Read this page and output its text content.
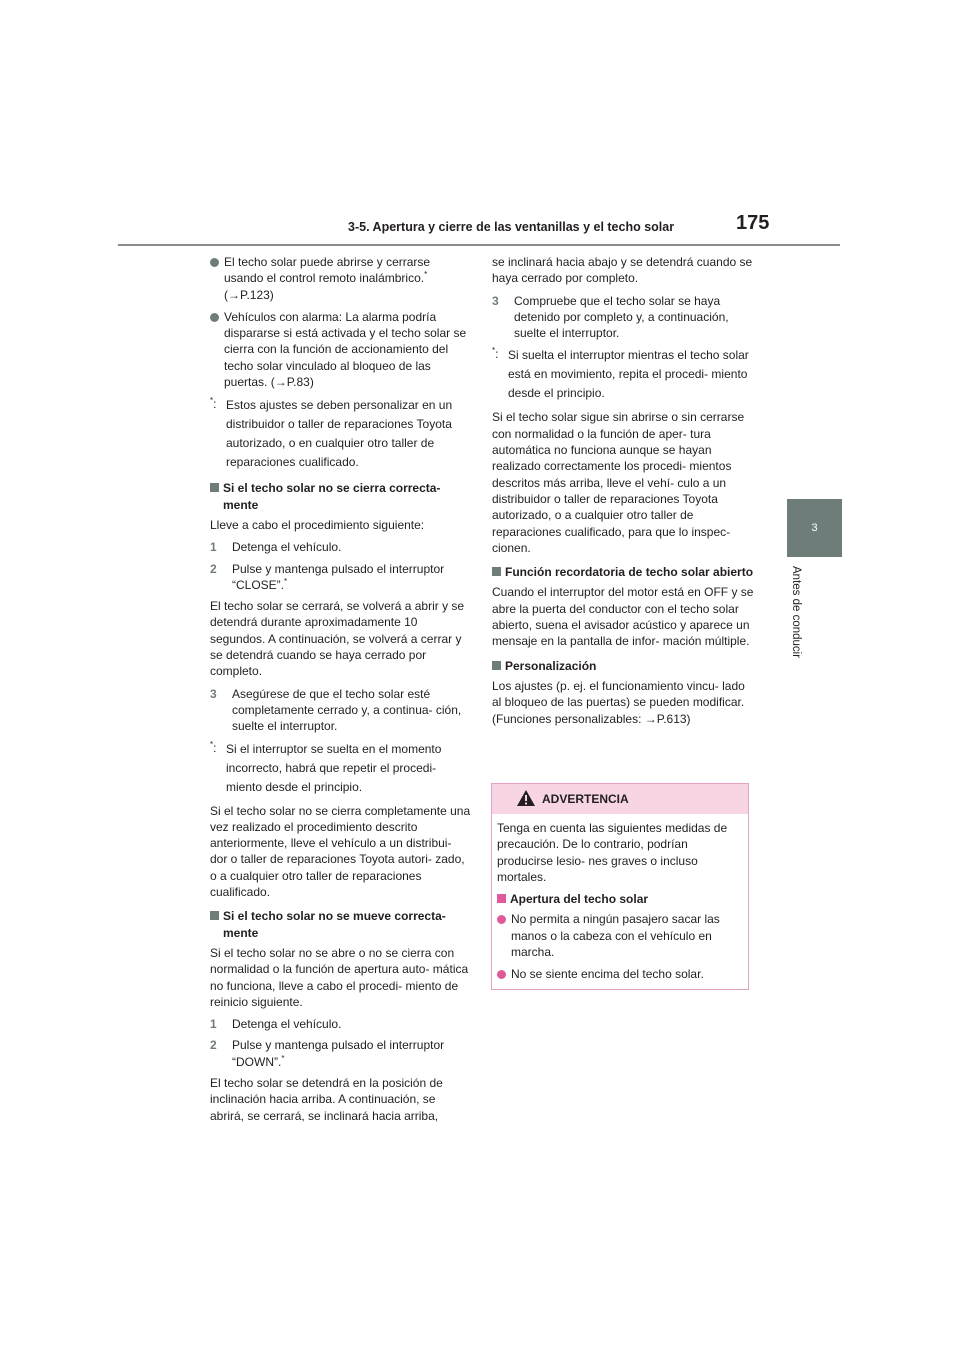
3-5. Apertura y cierre de las ventanillas y el techo solar	175
3
Antes de conducir
El techo solar puede abrirse y cerrarse usando el control remoto inalámbrico.*
(→P.123)
Vehículos con alarma: La alarma podría dispararse si está activada y el techo solar se cierra con la función de accionamiento del techo solar vinculado al bloqueo de las puertas. (→P.83)
*: Estos ajustes se deben personalizar en un distribuidor o taller de reparaciones Toyota autorizado, o en cualquier otro taller de reparaciones cualificado.
Si el techo solar no se cierra correcta- mente
Lleve a cabo el procedimiento siguiente:
1 Detenga el vehículo.
2 Pulse y mantenga pulsado el interruptor “CLOSE”.*
El techo solar se cerrará, se volverá a abrir y se detendrá durante aproximadamente 10 segundos. A continuación, se volverá a cerrar y se detendrá cuando se haya cerrado por completo.
3 Asegúrese de que el techo solar esté completamente cerrado y, a continua- ción, suelte el interruptor.
*: Si el interruptor se suelta en el momento incorrecto, habrá que repetir el procedi- miento desde el principio.
Si el techo solar no se cierra completamente una vez realizado el procedimiento descrito anteriormente, lleve el vehículo a un distribui- dor o taller de reparaciones Toyota autori- zado, o a cualquier otro taller de reparaciones cualificado.
Si el techo solar no se mueve correcta- mente
Si el techo solar no se abre o no se cierra con normalidad o la función de apertura auto- mática no funciona, lleve a cabo el procedi- miento de reinicio siguiente.
1 Detenga el vehículo.
2 Pulse y mantenga pulsado el interruptor “DOWN”.*
El techo solar se detendrá en la posición de inclinación hacia arriba. A continuación, se abrirá, se cerrará, se inclinará hacia arriba,
se inclinará hacia abajo y se detendrá cuando se haya cerrado por completo.
3 Compruebe que el techo solar se haya detenido por completo y, a continuación, suelte el interruptor.
*: Si suelta el interruptor mientras el techo solar está en movimiento, repita el procedi- miento desde el principio.
Si el techo solar sigue sin abrirse o sin cerrarse con normalidad o la función de aper- tura automática no funciona aunque se hayan realizado correctamente los procedi- mientos descritos más arriba, lleve el vehí- culo a un distribuidor o taller de reparaciones Toyota autorizado, o a cualquier otro taller de reparaciones cualificado, para que lo inspec- cionen.
Función recordatoria de techo solar abierto
Cuando el interruptor del motor está en OFF y se abre la puerta del conductor con el techo solar abierto, suena el avisador acústico y aparece un mensaje en la pantalla de infor- mación múltiple.
Personalización
Los ajustes (p. ej. el funcionamiento vincu- lado al bloqueo de las puertas) se pueden modificar. (Funciones personalizables: →P.613)
ADVERTENCIA
Tenga en cuenta las siguientes medidas de precaución. De lo contrario, podrían producirse lesio- nes graves o incluso mortales.
Apertura del techo solar
No permita a ningún pasajero sacar las manos o la cabeza con el vehículo en marcha.
No se siente encima del techo solar.
